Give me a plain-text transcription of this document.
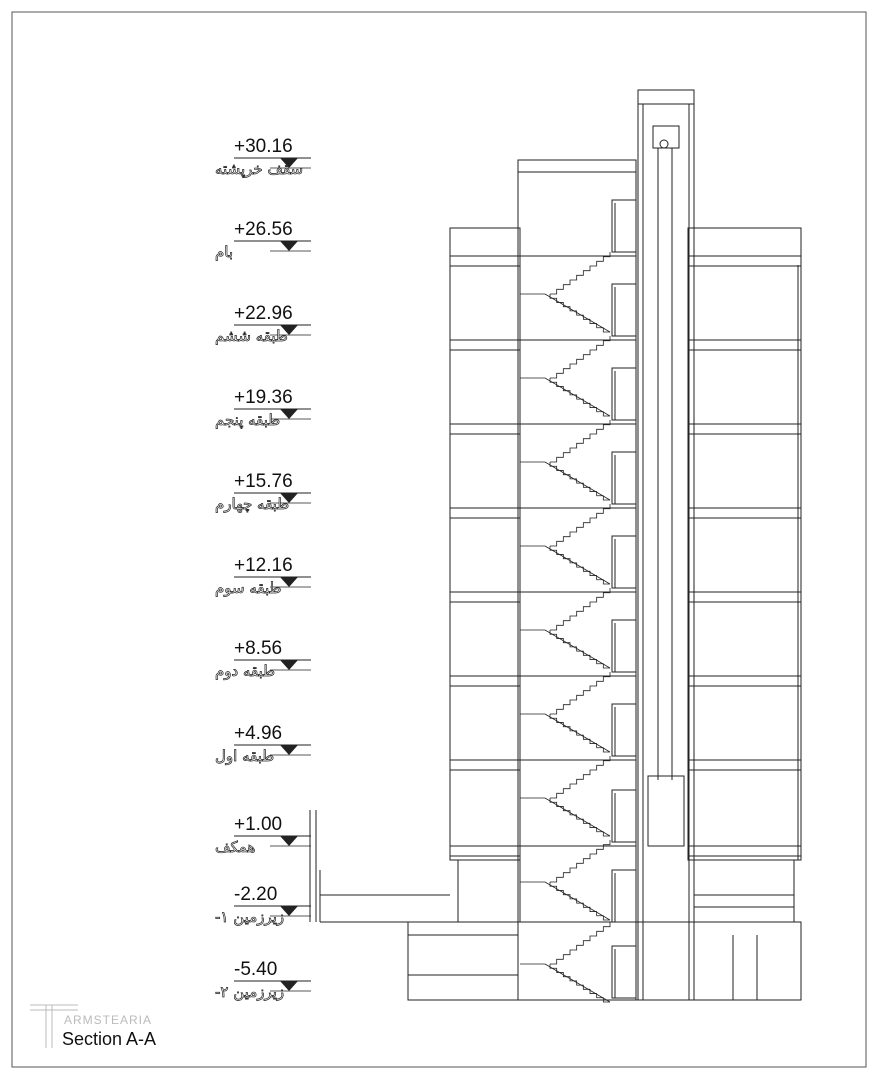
+30.16
سقف خرپشته
+26.56
بام
+22.96
طبقه ششم
+19.36
طبقه پنجم
+15.76
طبقه چهارم
+12.16
طبقه سوم
+8.56
طبقه دوم
+4.96
طبقه اول
+1.00
همکف
-2.20
زیرزمین ۱-
-5.40
زیرزمین ۲-
ARMSTEARIA
Section A-A
